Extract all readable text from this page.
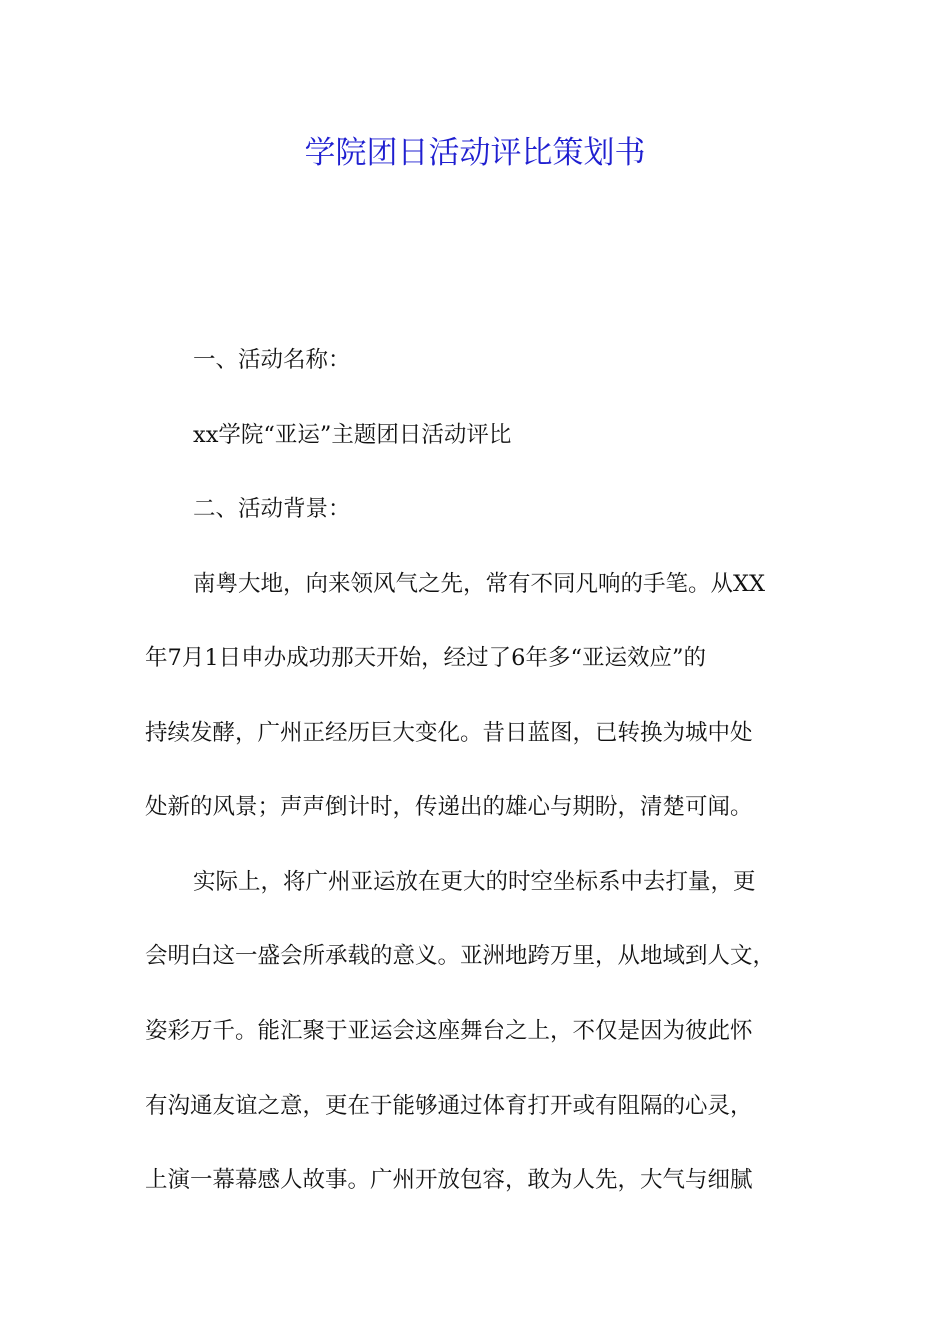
学院团日活动评比策划书

一、活动名称：

xx学院“亚运”主题团日活动评比

二、活动背景：

南粤大地，向来领风气之先，常有不同凡响的手笔。从XX

年7月1日申办成功那天开始，经过了6年多“亚运效应”的

持续发酵，广州正经历巨大变化。昔日蓝图，已转换为城中处

处新的风景；声声倒计时，传递出的雄心与期盼，清楚可闻。

实际上，将广州亚运放在更大的时空坐标系中去打量，更

会明白这一盛会所承载的意义。亚洲地跨万里，从地域到人文，

姿彩万千。能汇聚于亚运会这座舞台之上，不仅是因为彼此怀

有沟通友谊之意，更在于能够通过体育打开或有阻隔的心灵，

上演一幕幕感人故事。广州开放包容，敢为人先，大气与细腻
